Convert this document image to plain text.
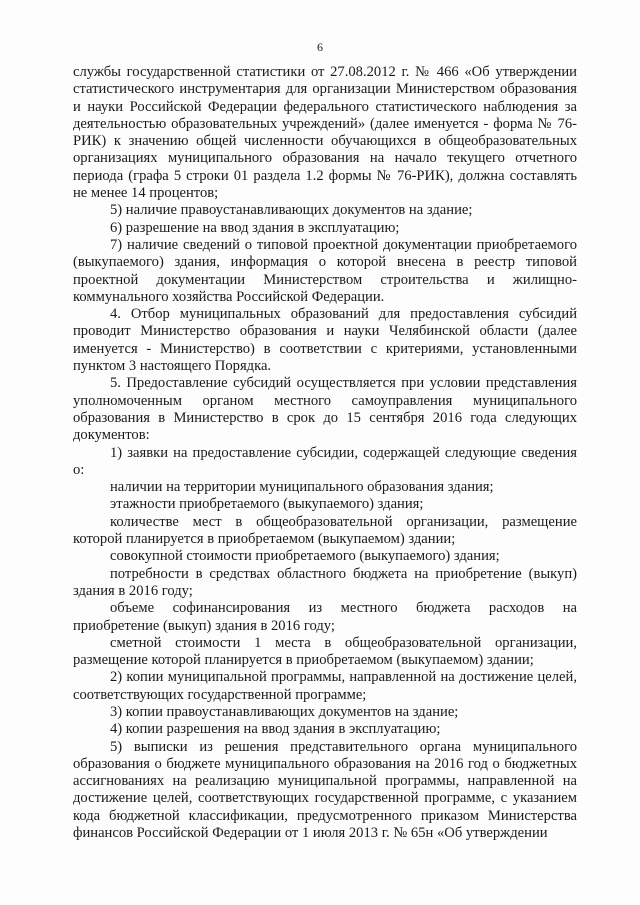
6

службы государственной статистики от 27.08.2012 г. № 466 «Об утверждении статистического инструментария для организации Министерством образования и науки Российской Федерации федерального статистического наблюдения за деятельностью образовательных учреждений» (далее именуется - форма № 76-РИК) к значению общей численности обучающихся в общеобразовательных организациях муниципального образования на начало текущего отчетного периода (графа 5 строки 01 раздела 1.2 формы № 76-РИК), должна составлять не менее 14 процентов;

5) наличие правоустанавливающих документов на здание;

6) разрешение на ввод здания в эксплуатацию;

7) наличие сведений о типовой проектной документации приобретаемого (выкупаемого) здания, информация о которой внесена в реестр типовой проектной документации Министерством строительства и жилищно-коммунального хозяйства Российской Федерации.

4. Отбор муниципальных образований для предоставления субсидий проводит Министерство образования и науки Челябинской области (далее именуется - Министерство) в соответствии с критериями, установленными пунктом 3 настоящего Порядка.

5. Предоставление субсидий осуществляется при условии представления уполномоченным органом местного самоуправления муниципального образования в Министерство в срок до 15 сентября 2016 года следующих документов:

1) заявки на предоставление субсидии, содержащей следующие сведения о:

наличии на территории муниципального образования здания;

этажности приобретаемого (выкупаемого) здания;

количестве мест в общеобразовательной организации, размещение которой планируется в приобретаемом (выкупаемом) здании;

совокупной стоимости приобретаемого (выкупаемого) здания;

потребности в средствах областного бюджета на приобретение (выкуп) здания в 2016 году;

объеме софинансирования из местного бюджета расходов на приобретение (выкуп) здания в 2016 году;

сметной стоимости 1 места в общеобразовательной организации, размещение которой планируется в приобретаемом (выкупаемом) здании;

2) копии муниципальной программы, направленной на достижение целей, соответствующих государственной программе;

3) копии правоустанавливающих документов на здание;

4) копии разрешения на ввод здания в эксплуатацию;

5) выписки из решения представительного органа муниципального образования о бюджете муниципального образования на 2016 год о бюджетных ассигнованиях на реализацию муниципальной программы, направленной на достижение целей, соответствующих государственной программе, с указанием кода бюджетной классификации, предусмотренного приказом Министерства финансов Российской Федерации от 1 июля 2013 г. № 65н «Об утверждении
